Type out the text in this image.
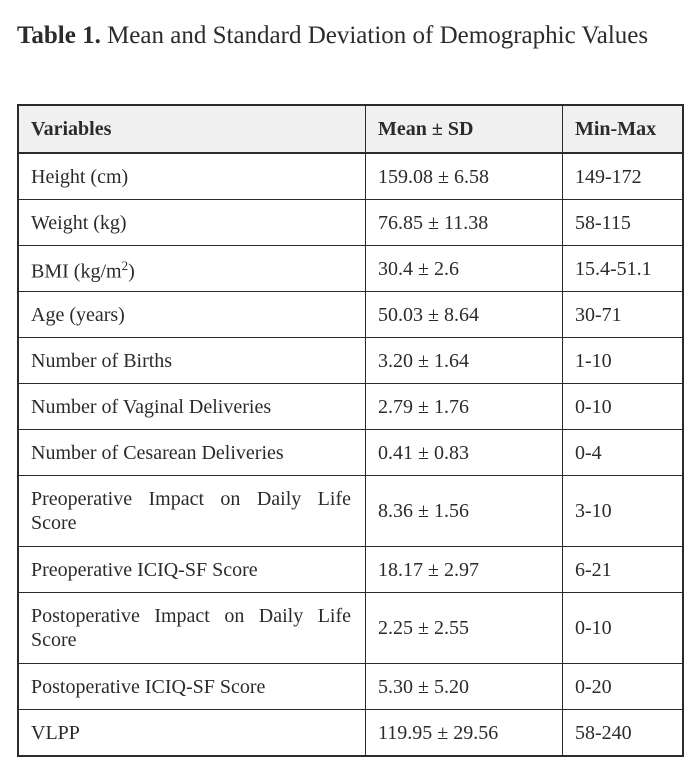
Table 1. Mean and Standard Deviation of Demographic Values
Variables	Mean ± SD	Min-Max
Height (cm)	159.08 ± 6.58	149-172
Weight (kg)	76.85 ± 11.38	58-115
BMI $(kg/m^2)$	30.4 ± 2.6	15.4-51.1
Age (years)	50.03 ± 8.64	30-71
Number of Births	3.20 ± 1.64	1-10
Number of Vaginal Deliveries	2.79 ± 1.76	0-10
Number of Cesarean Deliveries	0.41 ± 0.83	0-4
Preoperative Impact on Daily Life Score	8.36 ± 1.56	3-10
Preoperative ICIQ-SF Score	18.17 ± 2.97	6-21
Postoperative Impact on Daily Life Score	2.25 ± 2.55	0-10
Postoperative ICIQ-SF Score	5.30 ± 5.20	0-20
VLPP	119.95 ± 29.56	58-240
